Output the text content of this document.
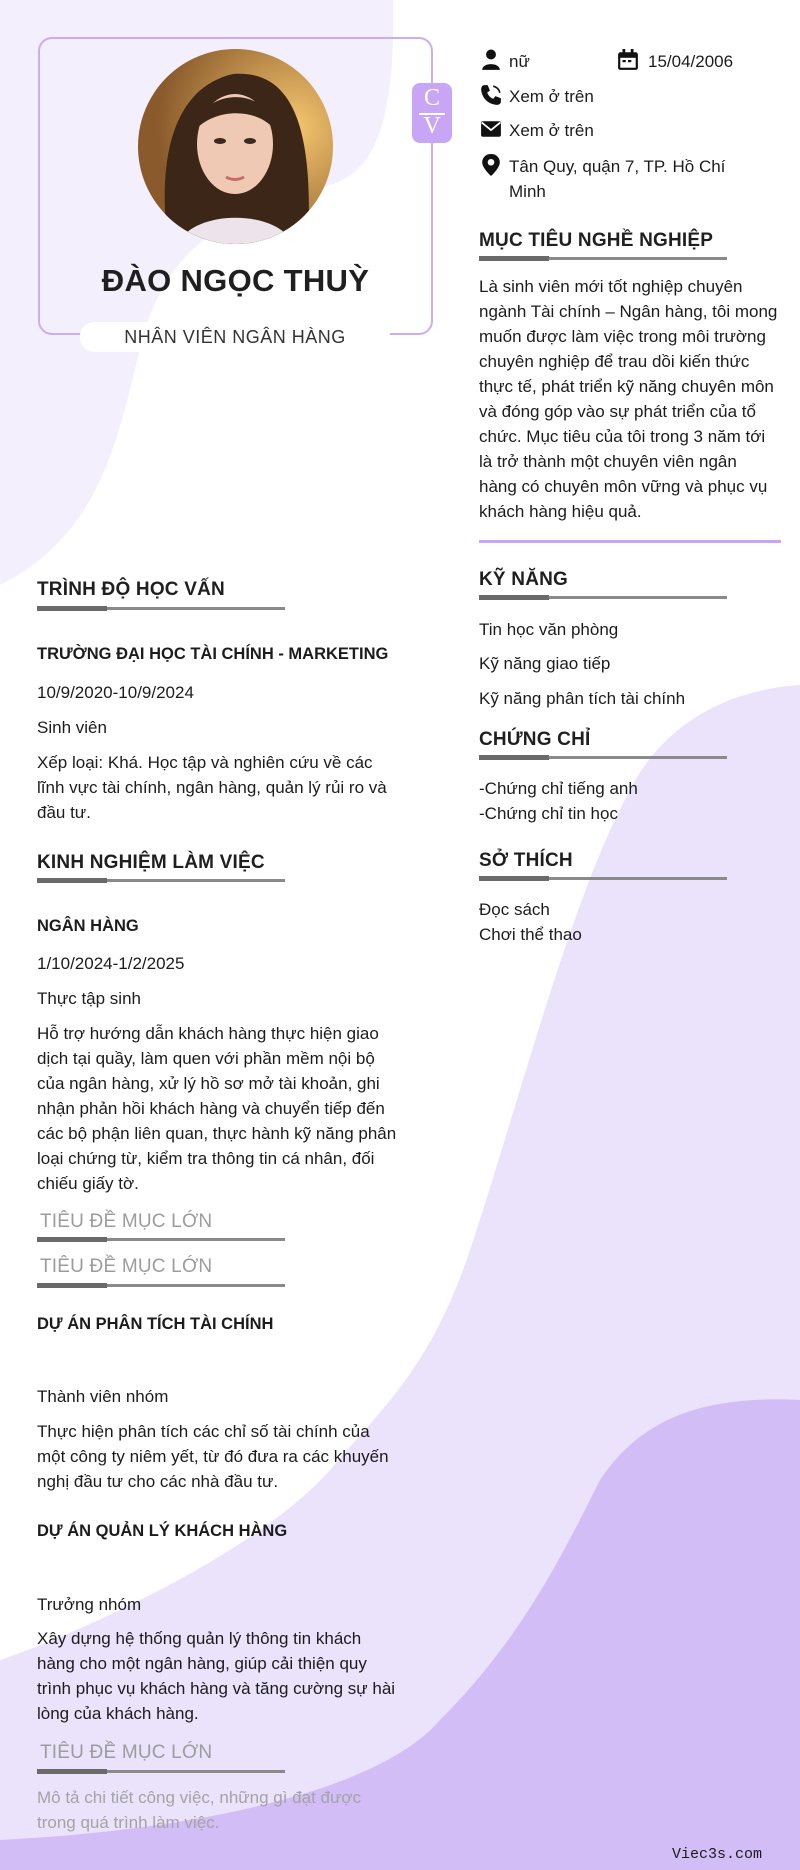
ĐÀO NGỌC THUỲ
NHÂN VIÊN NGÂN HÀNG
C
V
nữ	15/04/2006
Xem ở trên
Xem ở trên
Tân Quy, quận 7, TP. Hồ Chí
Minh
MỤC TIÊU NGHỀ NGHIỆP
Là sinh viên mới tốt nghiệp chuyên
ngành Tài chính – Ngân hàng, tôi mong
muốn được làm việc trong môi trường
chuyên nghiệp để trau dồi kiến thức
thực tế, phát triển kỹ năng chuyên môn
và đóng góp vào sự phát triển của tổ
chức. Mục tiêu của tôi trong 3 năm tới
là trở thành một chuyên viên ngân
hàng có chuyên môn vững và phục vụ
khách hàng hiệu quả.
KỸ NĂNG
Tin học văn phòng
Kỹ năng giao tiếp
Kỹ năng phân tích tài chính
CHỨNG CHỈ
-Chứng chỉ tiếng anh
-Chứng chỉ tin học
SỞ THÍCH
Đọc sách
Chơi thể thao
TRÌNH ĐỘ HỌC VẤN
TRƯỜNG ĐẠI HỌC TÀI CHÍNH - MARKETING
10/9/2020-10/9/2024
Sinh viên
Xếp loại: Khá. Học tập và nghiên cứu về các
lĩnh vực tài chính, ngân hàng, quản lý rủi ro và
đầu tư.
KINH NGHIỆM LÀM VIỆC
NGÂN HÀNG
1/10/2024-1/2/2025
Thực tập sinh
Hỗ trợ hướng dẫn khách hàng thực hiện giao
dịch tại quầy, làm quen với phần mềm nội bộ
của ngân hàng, xử lý hồ sơ mở tài khoản, ghi
nhận phản hồi khách hàng và chuyển tiếp đến
các bộ phận liên quan, thực hành kỹ năng phân
loại chứng từ, kiểm tra thông tin cá nhân, đối
chiếu giấy tờ.
TIÊU ĐỀ MỤC LỚN
TIÊU ĐỀ MỤC LỚN
DỰ ÁN PHÂN TÍCH TÀI CHÍNH
Thành viên nhóm
Thực hiện phân tích các chỉ số tài chính của
một công ty niêm yết, từ đó đưa ra các khuyến
nghị đầu tư cho các nhà đầu tư.
DỰ ÁN QUẢN LÝ KHÁCH HÀNG
Trưởng nhóm
Xây dựng hệ thống quản lý thông tin khách
hàng cho một ngân hàng, giúp cải thiện quy
trình phục vụ khách hàng và tăng cường sự hài
lòng của khách hàng.
TIÊU ĐỀ MỤC LỚN
Mô tả chi tiết công việc, những gì đạt được
trong quá trình làm việc.
Viec3s.com
